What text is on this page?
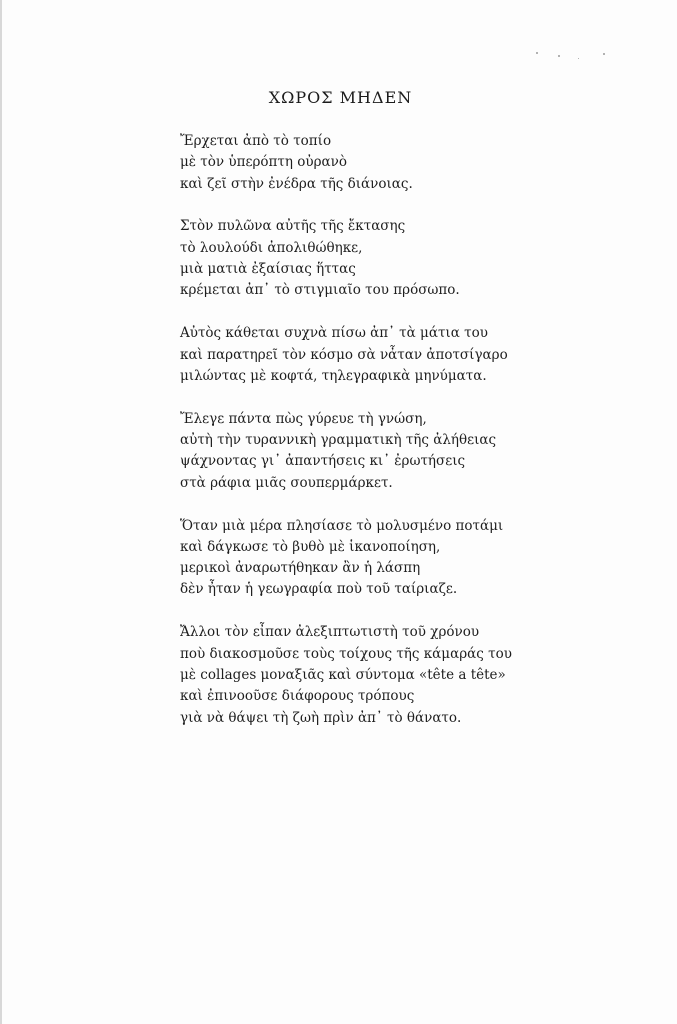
ΧΩΡΟΣ ΜΗΔΕΝ
Ἔρχεται ἀπὸ τὸ τοπίο
μὲ τὸν ὑπερόπτη οὐρανὸ
καὶ ζεῖ στὴν ἐνέδρα τῆς διάνοιας.
Στὸν πυλῶνα αὐτῆς τῆς ἔκτασης
τὸ λουλούδι ἀπολιθώθηκε,
μιὰ ματιὰ ἐξαίσιας ἥττας
κρέμεται ἀπ᾿ τὸ στιγμιαῖο του πρόσωπο.
Αὐτὸς κάθεται συχνὰ πίσω ἀπ᾿ τὰ μάτια του
καὶ παρατηρεῖ τὸν κόσμο σὰ νἆταν ἀποτσίγαρο
μιλώντας μὲ κοφτά, τηλεγραφικὰ μηνύματα.
Ἔλεγε πάντα πὼς γύρευε τὴ γνώση,
αὐτὴ τὴν τυραννικὴ γραμματικὴ τῆς ἀλήθειας
ψάχνοντας γι᾿ ἀπαντήσεις κι᾿ ἐρωτήσεις
στὰ ράφια μιᾶς σουπερμάρκετ.
Ὅταν μιὰ μέρα πλησίασε τὸ μολυσμένο ποτάμι
καὶ δάγκωσε τὸ βυθὸ μὲ ἱκανοποίηση,
μερικοὶ ἀναρωτήθηκαν ἂν ἡ λάσπη
δὲν ἦταν ἡ γεωγραφία ποὺ τοῦ ταίριαζε.
Ἄλλοι τὸν εἶπαν ἀλεξιπτωτιστὴ τοῦ χρόνου
ποὺ διακοσμοῦσε τοὺς τοίχους τῆς κάμαράς του
μὲ collages μοναξιᾶς καὶ σύντομα «tête a tête»
καὶ ἐπινοοῦσε διάφορους τρόπους
γιὰ νὰ θάψει τὴ ζωὴ πρὶν ἀπ᾿ τὸ θάνατο.
